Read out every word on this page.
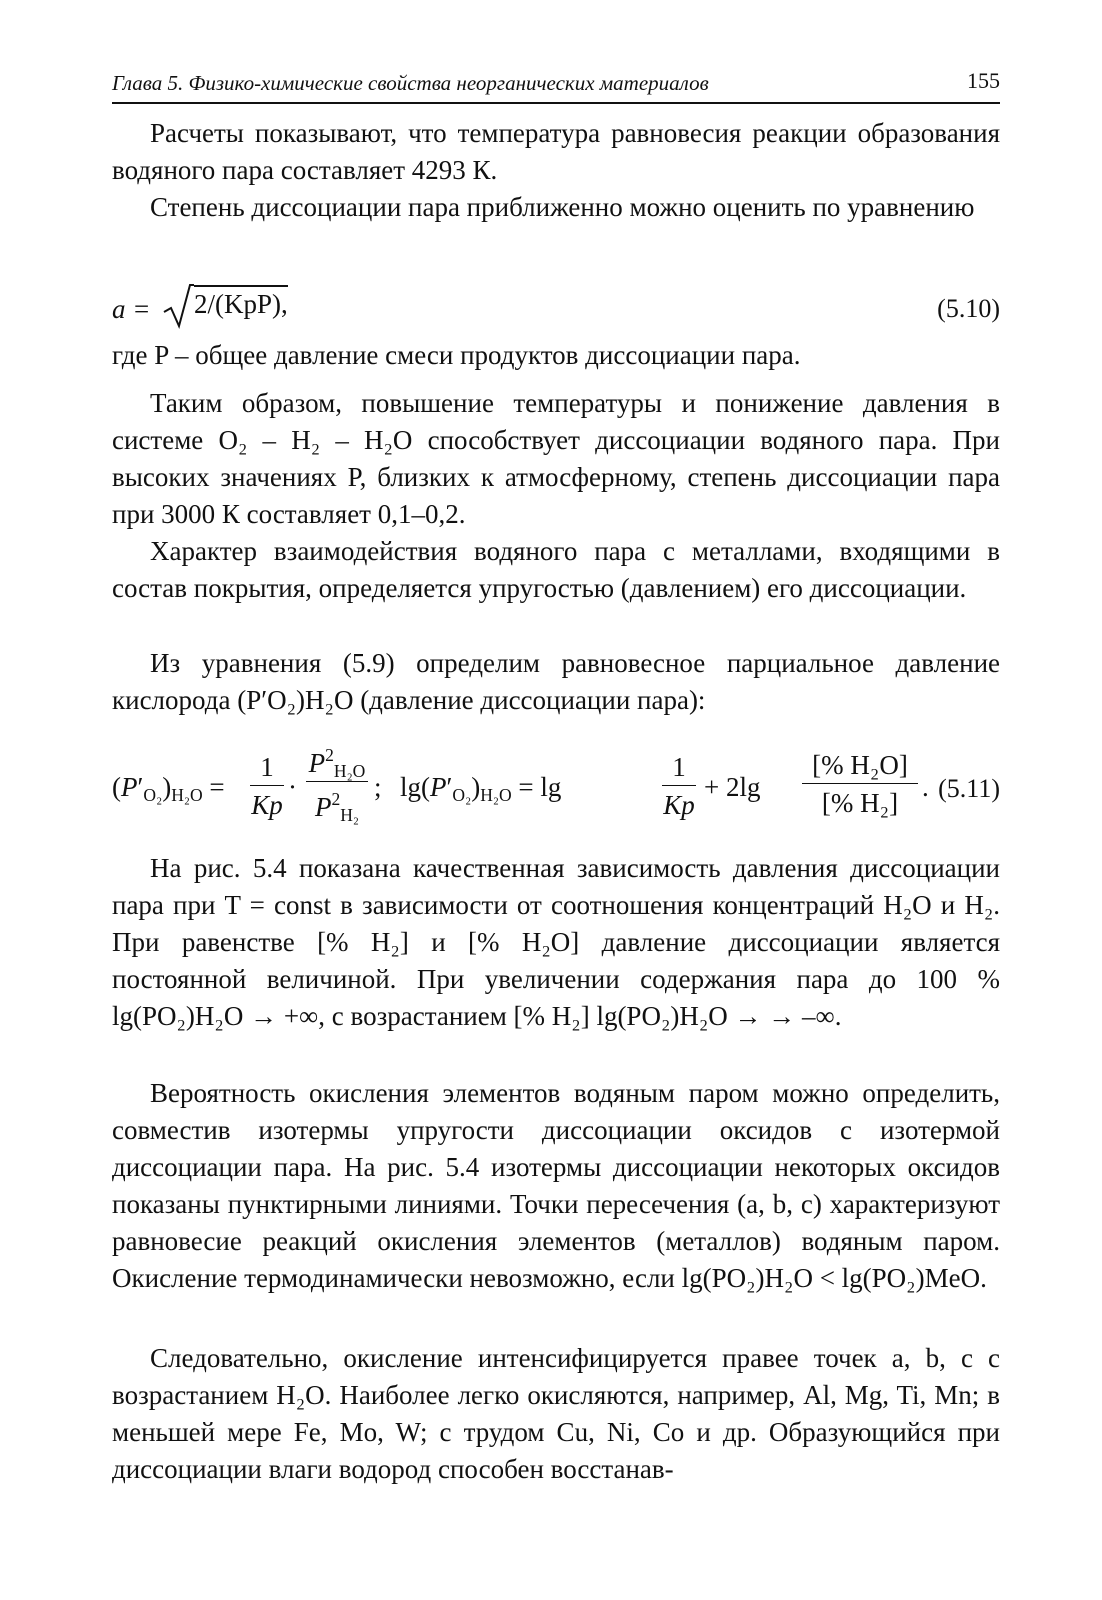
Глава 5. Физико-химические свойства неорганических материалов	155

Расчеты показывают, что температура равновесия реакции образования водяного пара составляет 4293 К.

Степень диссоциации пара приближенно можно оценить по уравнению

a = 2/(KpP),	(5.10)

где P – общее давление смеси продуктов диссоциации пара.

Таким образом, повышение температуры и понижение давления в системе O₂ – H₂ – H₂O способствует диссоциации водяного пара. При высоких значениях P, близких к атмосферному, степень диссоциации пара при 3000 К составляет 0,1–0,2.

Характер взаимодействия водяного пара с металлами, входящими в состав покрытия, определяется упругостью (давлением) его диссоциации.

Из уравнения (5.9) определим равновесное парциальное давление кислорода (P′O₂)H₂O (давление диссоциации пара):

$(P'_{O_2})_{H_2O} = \frac{1}{Kp} \cdot \frac{P^2_{H_2O}}{P^2_{H_2}}$ ; $\lg(P'_{O_2})_{H_2O} = \lg$	$\frac{1}{Kp} + 2\lg \frac{\text{[\% H₂O]}}{\text{[\% H₂]}}$ . (5.11)

На рис. 5.4 показана качественная зависимость давления диссоциации пара при T = const в зависимости от соотношения концентраций H₂O и H₂. При равенстве [% H₂] и [% H₂O] давление диссоциации является постоянной величиной. При увеличении содержания пара до 100 % lg(PO₂)H₂O → +∞, с возрастанием [% H₂] lg(PO₂)H₂O → → –∞.

Вероятность окисления элементов водяным паром можно определить, совместив изотермы упругости диссоциации оксидов с изотермой диссоциации пара. На рис. 5.4 изотермы диссоциации некоторых оксидов показаны пунктирными линиями. Точки пересечения (a, b, c) характеризуют равновесие реакций окисления элементов (металлов) водяным паром. Окисление термодинамически невозможно, если lg(PO₂)H₂O < lg(PO₂)MeO.

Следовательно, окисление интенсифицируется правее точек a, b, c с возрастанием H₂O. Наиболее легко окисляются, например, Al, Mg, Ti, Mn; в меньшей мере Fe, Mo, W; с трудом Cu, Ni, Co и др. Образующийся при диссоциации влаги водород способен восстанав-
